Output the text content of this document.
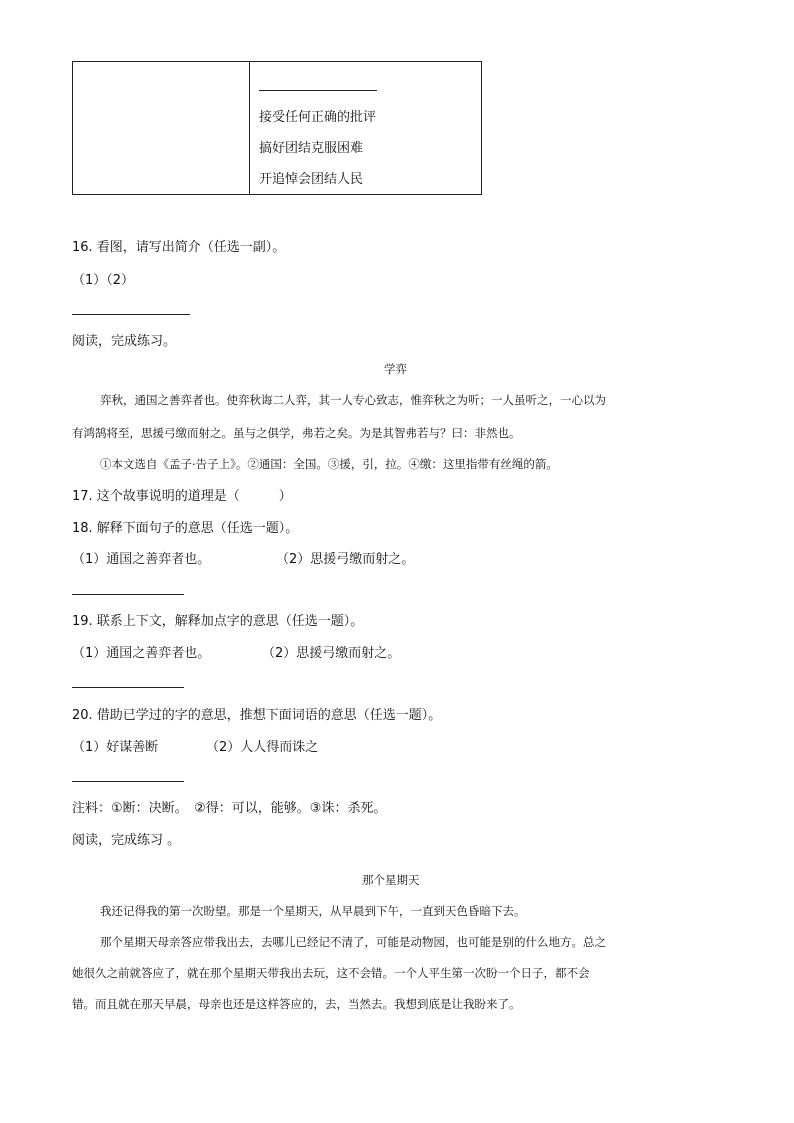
接受任何正确的批评
搞好团结克服困难
开追悼会团结人民
16. 看图，请写出简介（任选一副）。
（1）（2）
阅读，完成练习。
学弈
弈秋，通国之善弈者也。使弈秋诲二人弈，其一人专心致志，惟弈秋之为听；一人虽听之，一心以为
有鸿鹄将至，思援弓缴而射之。虽与之俱学，弗若之矣。为是其智弗若与？曰：非然也。
①本文选自《孟子·告子上》。②通国：全国。③援，引，拉。④缴：这里指带有丝绳的箭。
17. 这个故事说明的道理是（　　　）
18. 解释下面句子的意思（任选一题）。
（1）通国之善弈者也。	（2）思援弓缴而射之。
19. 联系上下文，解释加点字的意思（任选一题）。
（1）通国之善弈者也。	（2）思援弓缴而射之。
20. 借助已学过的字的意思，推想下面词语的意思（任选一题）。
（1）好谋善断	（2）人人得而诛之
注料：①断：决断。　②得：可以，能够。③诛：杀死。
阅读，完成练习 。
那个星期天
我还记得我的第一次盼望。那是一个星期天，从早晨到下午，一直到天色昏暗下去。
那个星期天母亲答应带我出去，去哪儿已经记不清了，可能是动物园，也可能是别的什么地方。总之
她很久之前就答应了，就在那个星期天带我出去玩，这不会错。一个人平生第一次盼一个日子，都不会
错。而且就在那天早晨，母亲也还是这样答应的，去，当然去。我想到底是让我盼来了。
